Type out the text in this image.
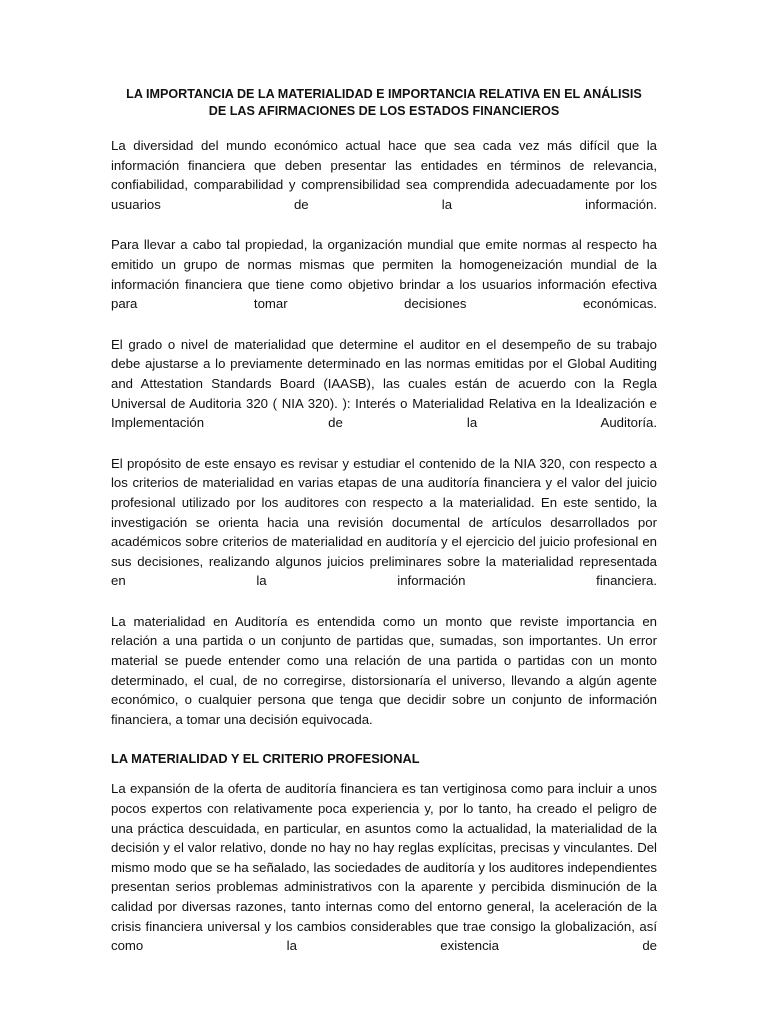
LA IMPORTANCIA DE LA MATERIALIDAD E IMPORTANCIA RELATIVA EN EL ANÁLISIS
DE LAS AFIRMACIONES DE LOS ESTADOS FINANCIEROS

La diversidad del mundo económico actual hace que sea cada vez más difícil que la información financiera que deben presentar las entidades en términos de relevancia, confiabilidad, comparabilidad y comprensibilidad sea comprendida adecuadamente por los usuarios de la información.

Para llevar a cabo tal propiedad, la organización mundial que emite normas al respecto ha emitido un grupo de normas mismas que permiten la homogeneización mundial de la información financiera que tiene como objetivo brindar a los usuarios información efectiva para tomar decisiones económicas.

El grado o nivel de materialidad que determine el auditor en el desempeño de su trabajo debe ajustarse a lo previamente determinado en las normas emitidas por el Global Auditing and Attestation Standards Board (IAASB), las cuales están de acuerdo con la Regla Universal de Auditoria 320 ( NIA 320). ): Interés o Materialidad Relativa en la Idealización e Implementación de la Auditoría.

El propósito de este ensayo es revisar y estudiar el contenido de la NIA 320, con respecto a los criterios de materialidad en varias etapas de una auditoría financiera y el valor del juicio profesional utilizado por los auditores con respecto a la materialidad. En este sentido, la investigación se orienta hacia una revisión documental de artículos desarrollados por académicos sobre criterios de materialidad en auditoría y el ejercicio del juicio profesional en sus decisiones, realizando algunos juicios preliminares sobre la materialidad representada en la información financiera.

La materialidad en Auditoría es entendida como un monto que reviste importancia en relación a una partida o un conjunto de partidas que, sumadas, son importantes. Un error material se puede entender como una relación de una partida o partidas con un monto determinado, el cual, de no corregirse, distorsionaría el universo, llevando a algún agente económico, o cualquier persona que tenga que decidir sobre un conjunto de información financiera, a tomar una decisión equivocada.

LA MATERIALIDAD Y EL CRITERIO PROFESIONAL

La expansión de la oferta de auditoría financiera es tan vertiginosa como para incluir a unos pocos expertos con relativamente poca experiencia y, por lo tanto, ha creado el peligro de una práctica descuidada, en particular, en asuntos como la actualidad, la materialidad de la decisión y el valor relativo, donde no hay no hay reglas explícitas, precisas y vinculantes. Del mismo modo que se ha señalado, las sociedades de auditoría y los auditores independientes presentan serios problemas administrativos con la aparente y percibida disminución de la calidad por diversas razones, tanto internas como del entorno general, la aceleración de la crisis financiera universal y los cambios considerables que trae consigo la globalización, así como la existencia de
